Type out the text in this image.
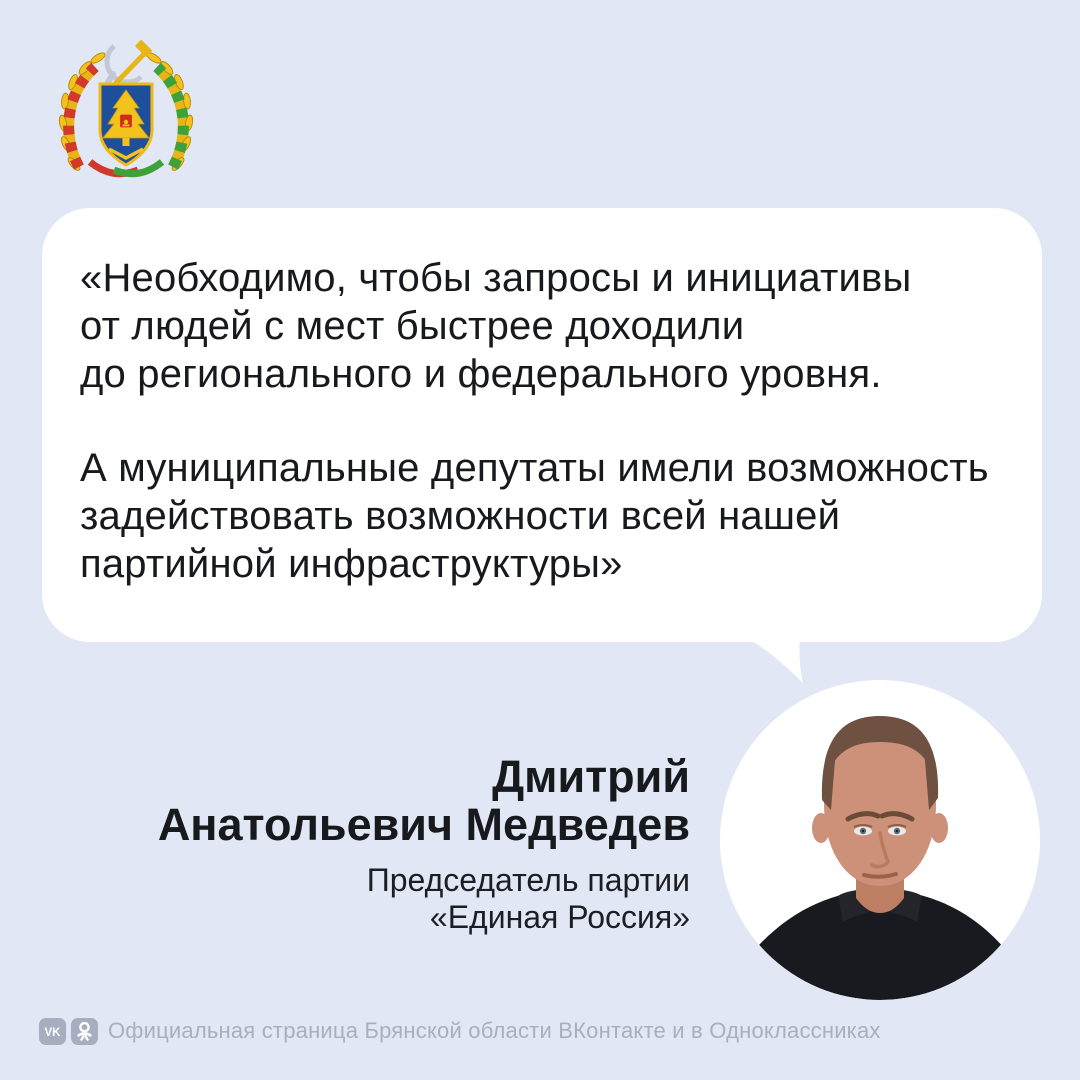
«Необходимо, чтобы запросы и инициативы
от людей с мест быстрее доходили
до регионального и федерального уровня.
А муниципальные депутаты имели возможность
задействовать возможности всей нашей
партийной инфраструктуры»
Дмитрий
Анатольевич Медведев
Председатель партии
«Единая Россия»
VK Официальная страница Брянской области ВКонтакте и в Одноклассниках
